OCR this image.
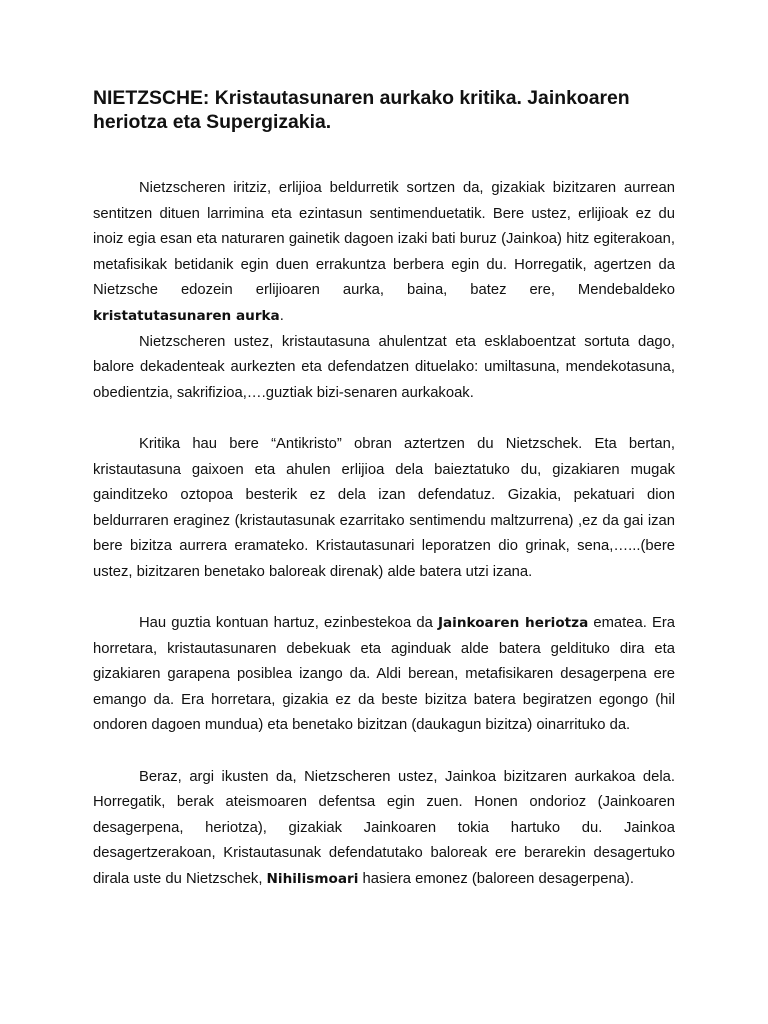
NIETZSCHE: Kristautasunaren aurkako kritika. Jainkoaren heriotza eta Supergizakia.

Nietzscheren iritziz, erlijioa beldurretik sortzen da, gizakiak bizitzaren aurrean sentitzen dituen larrimina eta ezintasun sentimenduetatik. Bere ustez, erlijioak ez du inoiz egia esan eta naturaren gainetik dagoen izaki bati buruz (Jainkoa) hitz egiterakoan, metafisikak betidanik egin duen errakuntza berbera egin du. Horregatik, agertzen da Nietzsche edozein erlijioaren aurka, baina, batez ere, Mendebaldeko kristatutasunaren aurka.

Nietzscheren ustez, kristautasuna ahulentzat eta esklaboentzat sortuta dago, balore dekadenteak aurkezten eta defendatzen dituelako: umiltasuna, mendekotasuna, obedientzia, sakrifizioa,….guztiak bizi-senaren aurkakoak.

Kritika hau bere “Antikristo” obran aztertzen du Nietzschek. Eta bertan, kristautasuna gaixoen eta ahulen erlijioa dela baieztatuko du, gizakiaren mugak gainditzeko oztopoa besterik ez dela izan defendatuz. Gizakia, pekatuari dion beldurraren eraginez (kristautasunak ezarritako sentimendu maltzurrena) ,ez da gai izan bere bizitza aurrera eramateko. Kristautasunari leporatzen dio grinak, sena,…...(bere ustez, bizitzaren benetako baloreak direnak) alde batera utzi izana.

Hau guztia kontuan hartuz, ezinbestekoa da Jainkoaren heriotza ematea. Era horretara, kristautasunaren debekuak eta aginduak alde batera geldituko dira eta gizakiaren garapena posiblea izango da. Aldi berean, metafisikaren desagerpena ere emango da. Era horretara, gizakia ez da beste bizitza batera begiratzen egongo (hil ondoren dagoen mundua) eta benetako bizitzan (daukagun bizitza) oinarrituko da.

Beraz, argi ikusten da, Nietzscheren ustez, Jainkoa bizitzaren aurkakoa dela. Horregatik, berak ateismoaren defentsa egin zuen. Honen ondorioz (Jainkoaren desagerpena, heriotza), gizakiak Jainkoaren tokia hartuko du. Jainkoa desagertzerakoan, Kristautasunak defendatutako baloreak ere berarekin desagertuko dirala uste du Nietzschek, Nihilismoari hasiera emonez (baloreen desagerpena).
